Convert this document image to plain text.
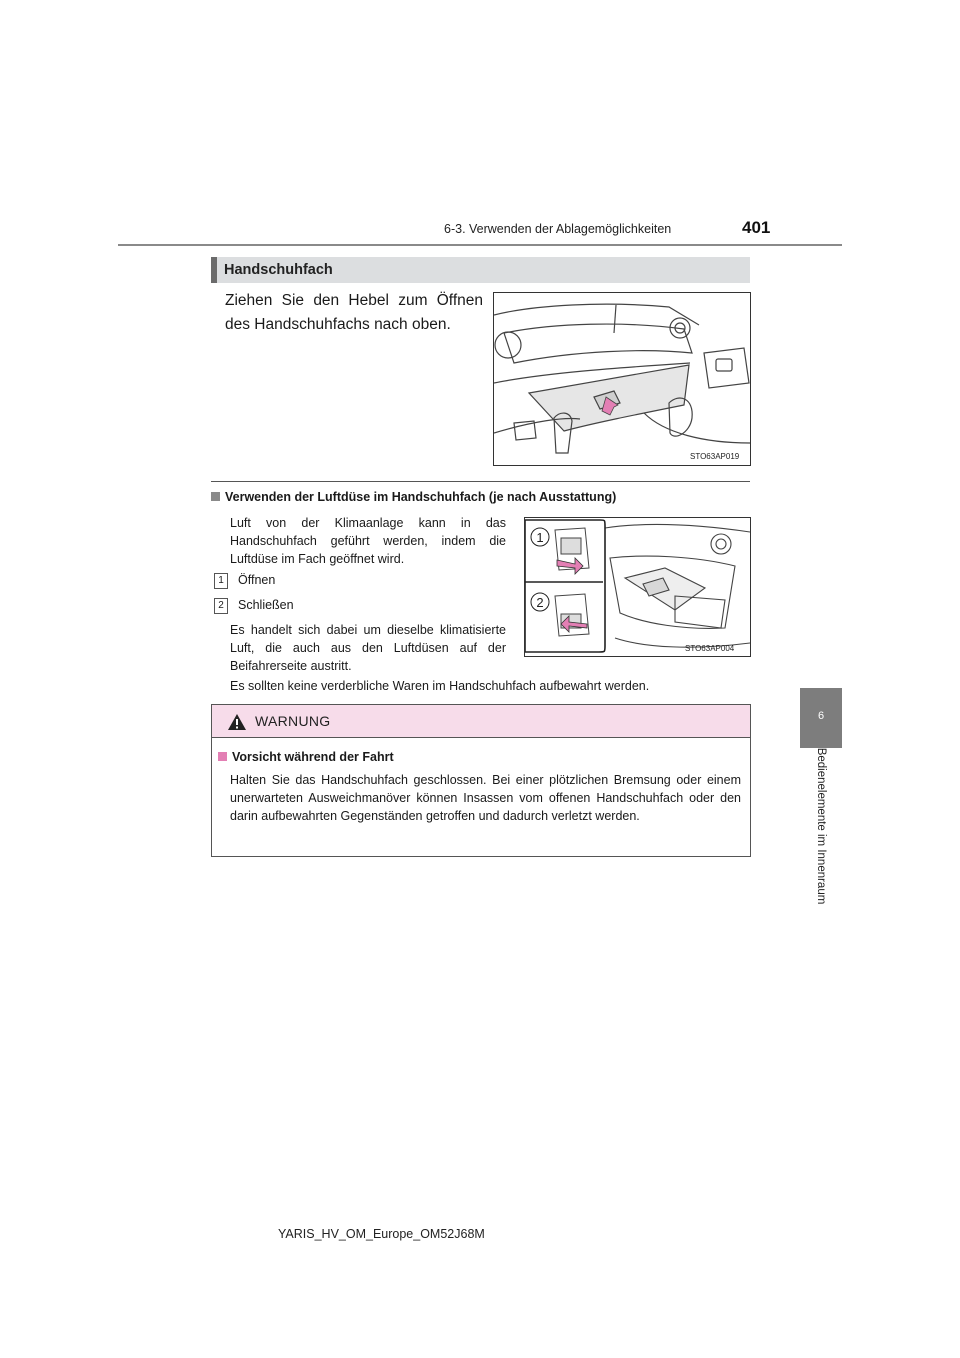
6-3. Verwenden der Ablagemöglichkeiten	401
6
Bedienelemente im Innenraum
Handschuhfach
Ziehen Sie den Hebel zum Öffnen des Handschuhfachs nach oben.
STO63AP019
Verwenden der Luftdüse im Handschuhfach (je nach Ausstattung)
Luft von der Klimaanlage kann in das Handschuhfach geführt werden, indem die Luftdüse im Fach geöffnet wird.
1 Öffnen
2 Schließen
Es handelt sich dabei um dieselbe klimatisierte Luft, die auch aus den Luftdüsen auf der Beifahrerseite austritt.
Es sollten keine verderbliche Waren im Handschuhfach aufbewahrt werden.
1
2
STO63AP004
WARNUNG
Vorsicht während der Fahrt
Halten Sie das Handschuhfach geschlossen. Bei einer plötzlichen Bremsung oder einem unerwarteten Ausweichmanöver können Insassen vom offenen Handschuhfach oder den darin aufbewahrten Gegenständen getroffen und dadurch verletzt werden.
YARIS_HV_OM_Europe_OM52J68M
